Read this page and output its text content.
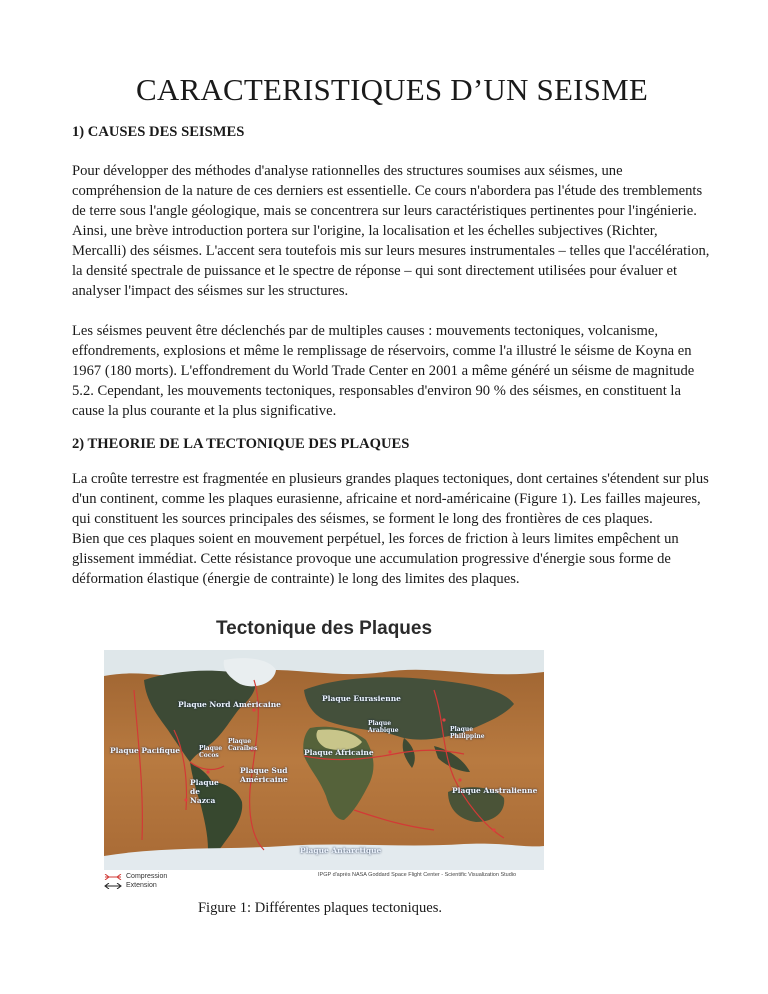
CARACTERISTIQUES D’UN SEISME
1) CAUSES DES SEISMES

Pour développer des méthodes d'analyse rationnelles des structures soumises aux séismes, une compréhension de la nature de ces derniers est essentielle. Ce cours n'abordera pas l'étude des tremblements de terre sous l'angle géologique, mais se concentrera sur leurs caractéristiques pertinentes pour l'ingénierie. Ainsi, une brève introduction portera sur l'origine, la localisation et les échelles subjectives (Richter, Mercalli) des séismes. L'accent sera toutefois mis sur leurs mesures instrumentales – telles que l'accélération, la densité spectrale de puissance et le spectre de réponse – qui sont directement utilisées pour évaluer et analyser l'impact des séismes sur les structures.

Les séismes peuvent être déclenchés par de multiples causes : mouvements tectoniques, volcanisme, effondrements, explosions et même le remplissage de réservoirs, comme l'a illustré le séisme de Koyna en 1967 (180 morts). L'effondrement du World Trade Center en 2001 a même généré un séisme de magnitude 5.2. Cependant, les mouvements tectoniques, responsables d'environ 90 % des séismes, en constituent la cause la plus courante et la plus significative.

2) THEORIE DE LA TECTONIQUE DES PLAQUES

La croûte terrestre est fragmentée en plusieurs grandes plaques tectoniques, dont certaines s'étendent sur plus d'un continent, comme les plaques eurasienne, africaine et nord-américaine (Figure 1). Les failles majeures, qui constituent les sources principales des séismes, se forment le long des frontières de ces plaques.

Bien que ces plaques soient en mouvement perpétuel, les forces de friction à leurs limites empêchent un glissement immédiat. Cette résistance provoque une accumulation progressive d'énergie sous forme de déformation élastique (énergie de contrainte) le long des limites des plaques.

Tectonique des Plaques
Plaque Nord Américaine
Plaque Eurasienne
Plaque Pacifique	Plaque Cocos
Plaque Caraïbes
Plaque Arabique
Plaque Africaine
Plaque Sud Américaine
Plaque de Nazca
Plaque Australienne
Plaque Antarctique
Plaque Philippine
Compression
Extension
IPGP d'après NASA Goddard Space Flight Center - Scientific Visualization Studio
Figure 1: Différentes plaques tectoniques.
